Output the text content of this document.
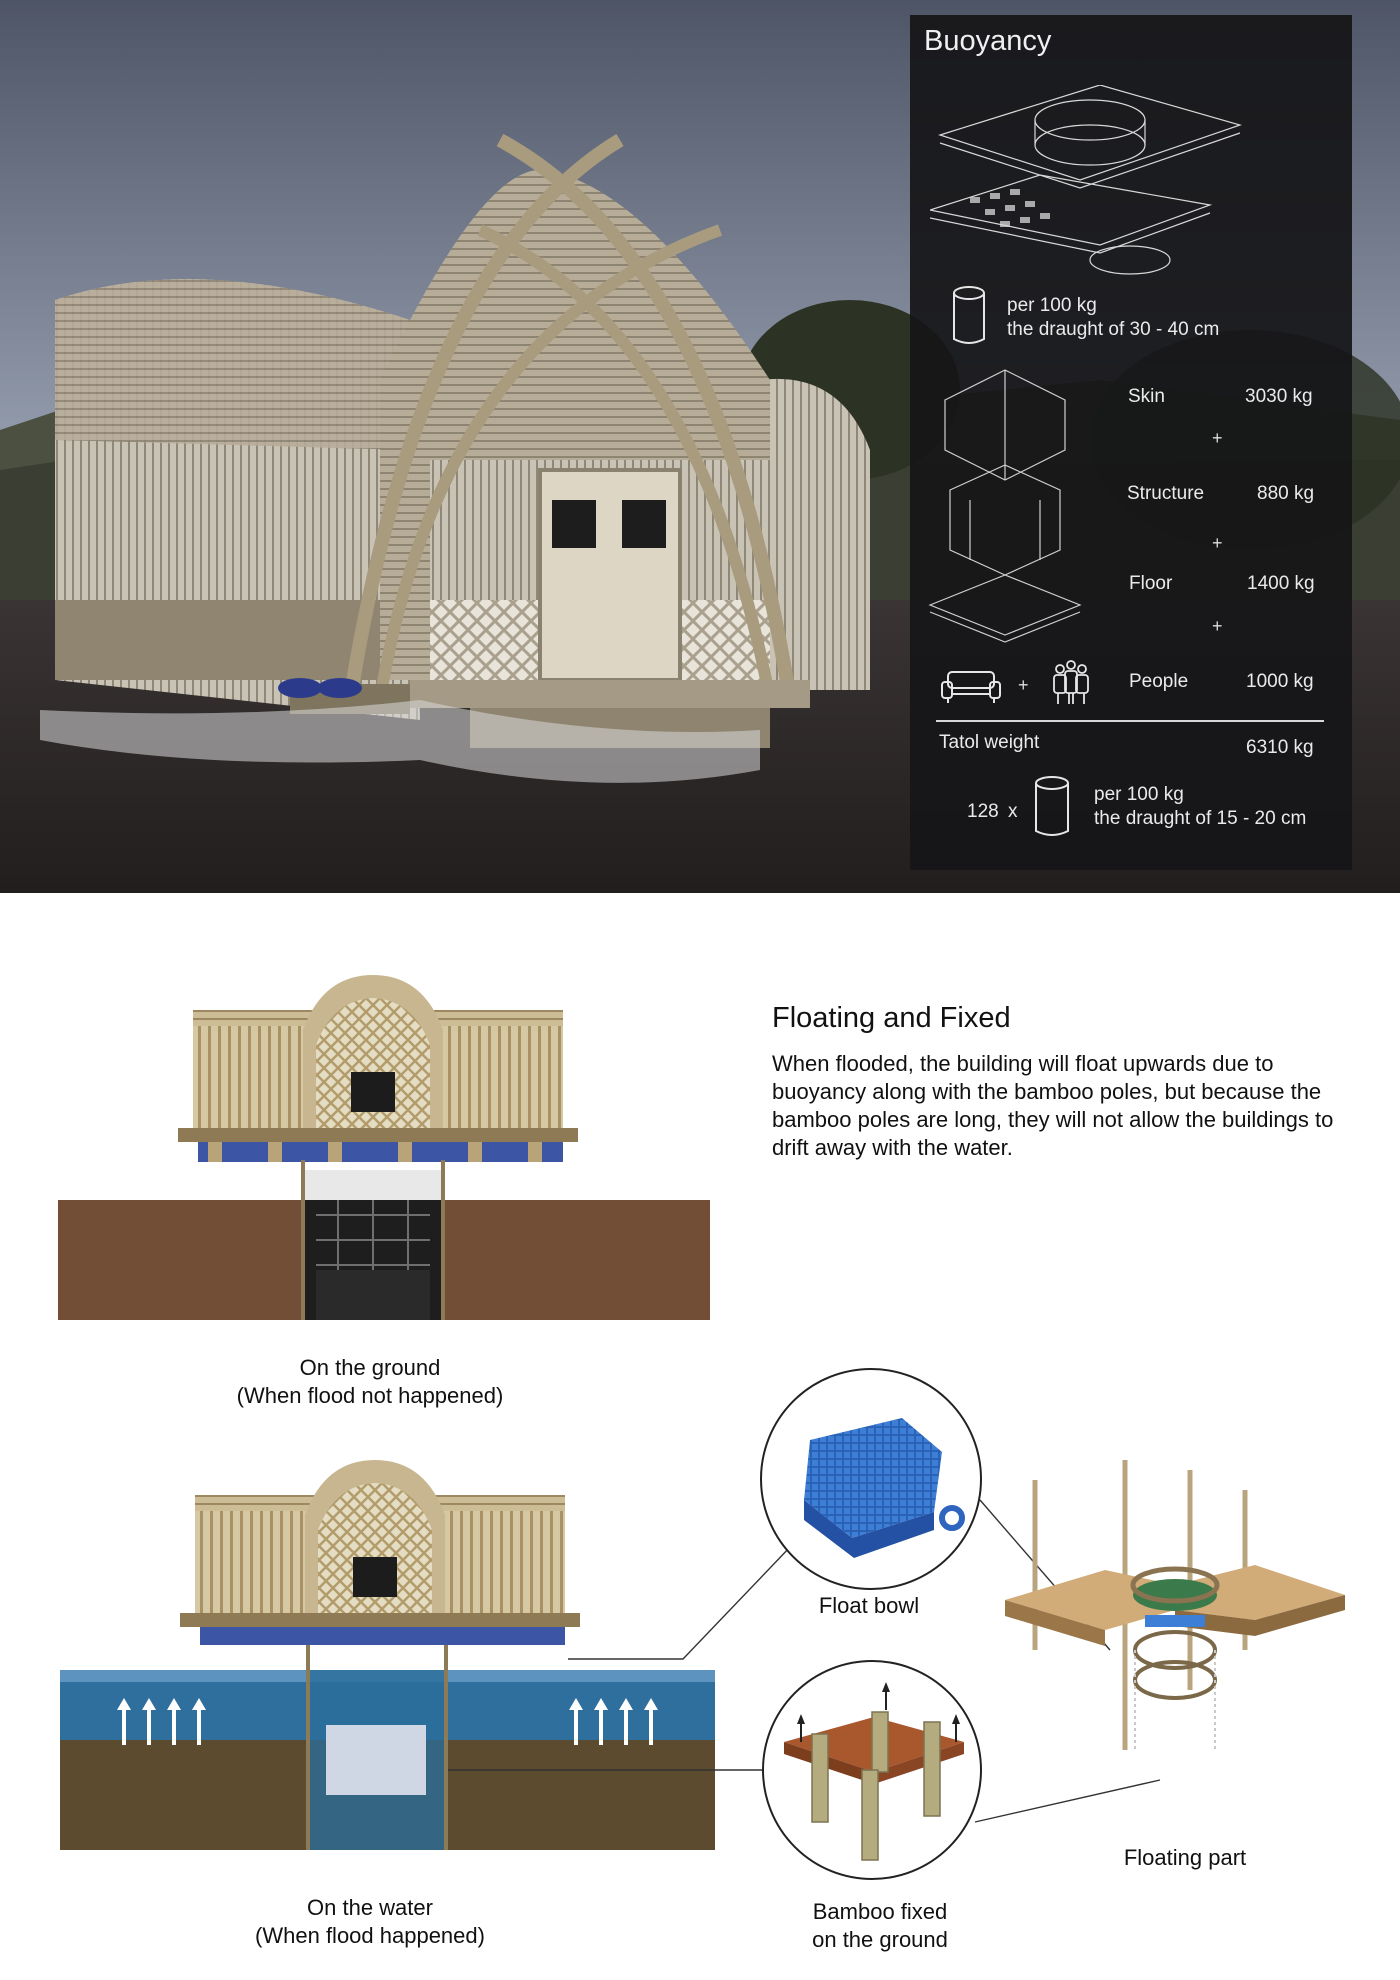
Buoyancy
per 100 kg
the draught of 30 - 40 cm
Skin	3030 kg
+
Structure	880 kg
+
Floor	1400 kg
+
+	People	1000 kg
Tatol weight	6310 kg
128 x
per 100 kg
the draught of 15 - 20 cm
Floating and Fixed
When flooded, the building will float upwards due to buoyancy along with the bamboo poles, but because the bamboo poles are long, they will not allow the buildings to drift away with the water.
On the ground
(When flood not happened)
On the water
(When flood happened)
Float bowl
Bamboo fixed
on the ground
Floating part
